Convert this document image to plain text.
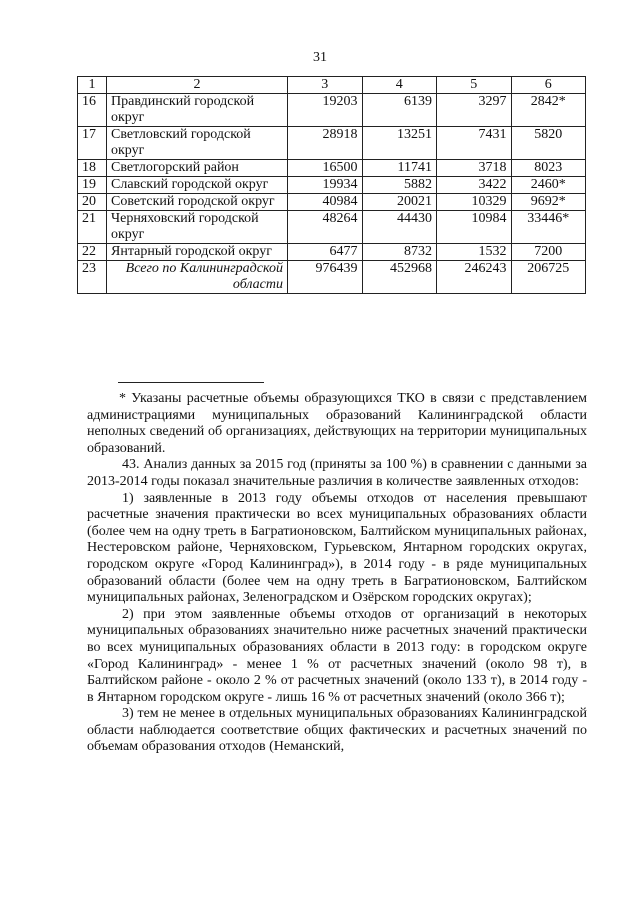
31
1	2	3	4	5	6
16	Правдинский городской округ	19203	6139	3297	2842*
17	Светловский городской округ	28918	13251	7431	5820
18	Светлогорский район	16500	11741	3718	8023
19	Славский городской округ	19934	5882	3422	2460*
20	Советский городской округ	40984	20021	10329	9692*
21	Черняховский городской округ	48264	44430	10984	33446*
22	Янтарный городской округ	6477	8732	1532	7200
23	Всего по Калининградской области	976439	452968	246243	206725

* Указаны расчетные объемы образующихся ТКО в связи с представлением администрациями муниципальных образований Калининградской области неполных сведений об организациях, действующих на территории муниципальных образований.

43. Анализ данных за 2015 год (приняты за 100 %) в сравнении с данными за 2013-2014 годы показал значительные различия в количестве заявленных отходов:

1) заявленные в 2013 году объемы отходов от населения превышают расчетные значения практически во всех муниципальных образованиях области (более чем на одну треть в Багратионовском, Балтийском муниципальных районах, Нестеровском районе, Черняховском, Гурьевском, Янтарном городских округах, городском округе «Город Калининград»), в 2014 году - в ряде муниципальных образований области (более чем на одну треть в Багратионовском, Балтийском муниципальных районах, Зеленоградском и Озёрском городских округах);

2) при этом заявленные объемы отходов от организаций в некоторых муниципальных образованиях значительно ниже расчетных значений практически во всех муниципальных образованиях области в 2013 году: в городском округе «Город Калининград» - менее 1 % от расчетных значений (около 98 т), в Балтийском районе - около 2 % от расчетных значений (около 133 т), в 2014 году - в Янтарном городском округе - лишь 16 % от расчетных значений (около 366 т);

3) тем не менее в отдельных муниципальных образованиях Калининградской области наблюдается соответствие общих фактических и расчетных значений по объемам образования отходов (Неманский,
